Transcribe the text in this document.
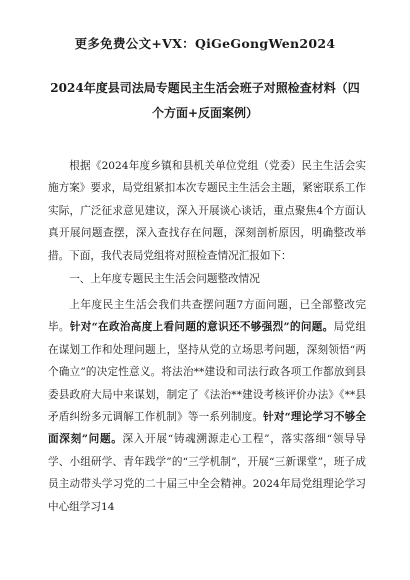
更多免费公文+VX：QiGeGongWen2024
2024年度县司法局专题民主生活会班子对照检查材料（四
个方面+反面案例）

根据《2024年度乡镇和县机关单位党组（党委）民主生活会实施方案》要求，局党组紧扣本次专题民主生活会主题，紧密联系工作实际，广泛征求意见建议，深入开展谈心谈话，重点聚焦4个方面认真开展问题查摆，深入查找存在问题，深刻剖析原因，明确整改举措。下面，我代表局党组将对照检查情况汇报如下：

一、上年度专题民主生活会问题整改情况

上年度民主生活会我们共查摆问题7方面问题，已全部整改完毕。针对“在政治高度上看问题的意识还不够强烈”的问题。局党组在谋划工作和处理问题上，坚持从党的立场思考问题，深刻领悟“两个确立”的决定性意义。将法治**建设和司法行政各项工作都放到县委县政府大局中来谋划，制定了《法治**建设考核评价办法》《**县矛盾纠纷多元调解工作机制》等一系列制度。针对“理论学习不够全面深刻”问题。深入开展“铸魂溯源走心工程”，落实落细“领导导学、小组研学、青年践学”的“三学机制”，开展“三新课堂”，班子成员主动带头学习党的二十届三中全会精神。2024年局党组理论学习中心组学习14
